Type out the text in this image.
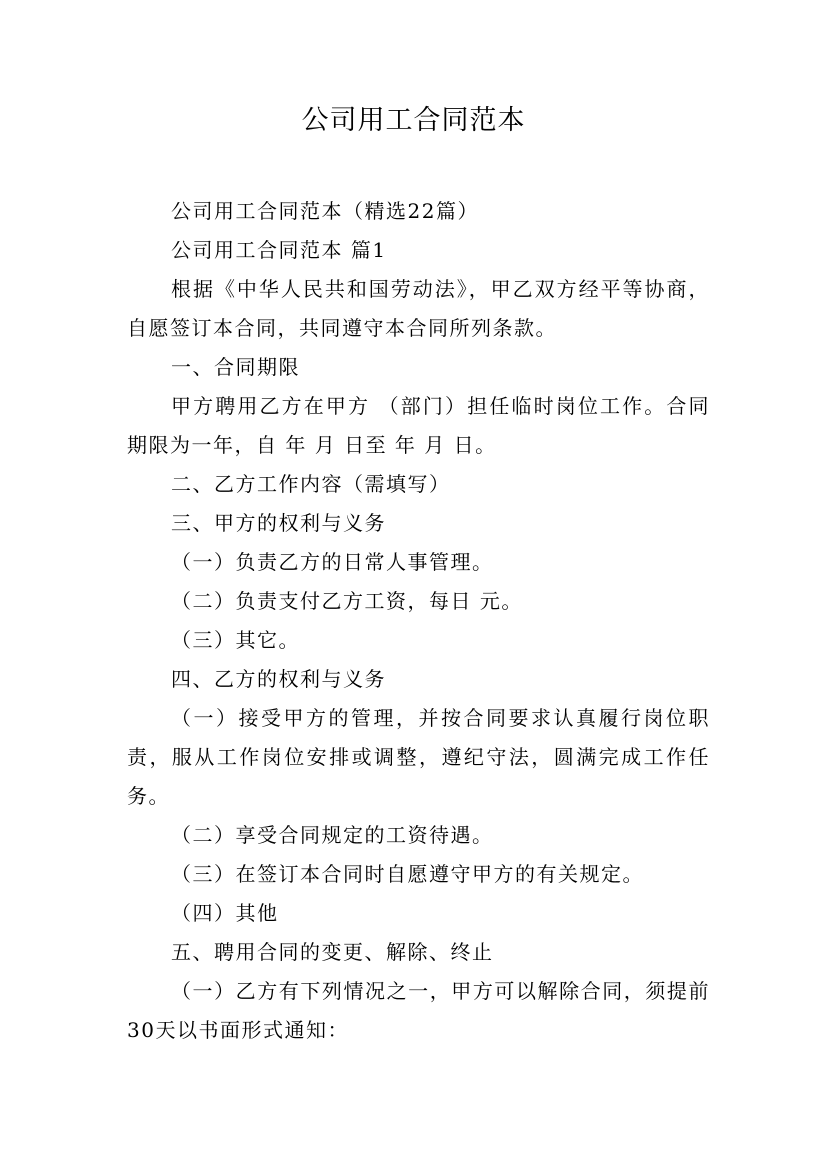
公司用工合同范本

公司用工合同范本（精选22篇）

公司用工合同范本 篇1

根据《中华人民共和国劳动法》，甲乙双方经平等协商，自愿签订本合同，共同遵守本合同所列条款。

一、合同期限

甲方聘用乙方在甲方 （部门）担任临时岗位工作。合同期限为一年，自 年 月 日至 年 月 日。

二、乙方工作内容（需填写）

三、甲方的权利与义务

（一）负责乙方的日常人事管理。

（二）负责支付乙方工资，每日 元。

（三）其它。

四、乙方的权利与义务

（一）接受甲方的管理，并按合同要求认真履行岗位职责，服从工作岗位安排或调整，遵纪守法，圆满完成工作任务。

（二）享受合同规定的工资待遇。

（三）在签订本合同时自愿遵守甲方的有关规定。

（四）其他

五、聘用合同的变更、解除、终止

（一）乙方有下列情况之一，甲方可以解除合同，须提前30天以书面形式通知：
